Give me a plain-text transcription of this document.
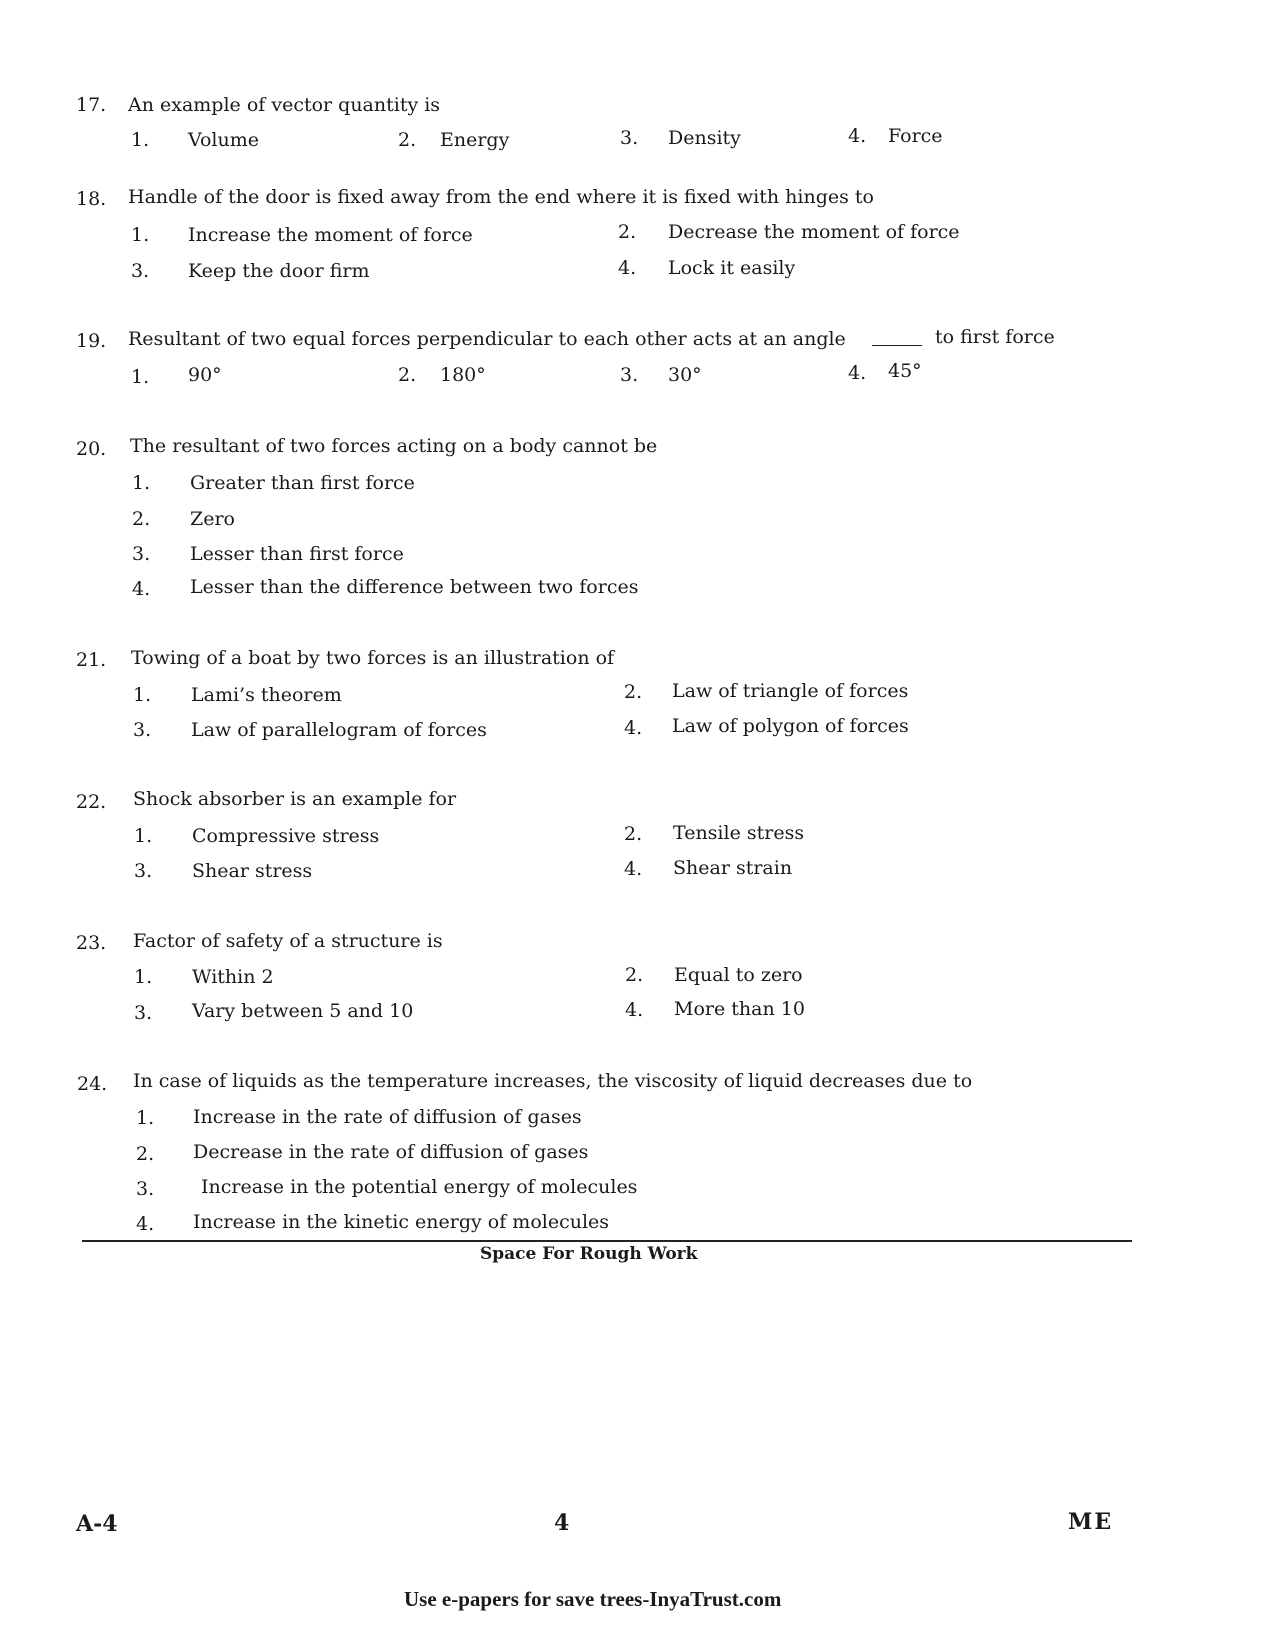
17. An example of vector quantity is
1. Volume	2. Energy	3. Density	4. Force
18. Handle of the door is fixed away from the end where it is fixed with hinges to
1. Increase the moment of force	2. Decrease the moment of force
3. Keep the door firm	4. Lock it easily
19. Resultant of two equal forces perpendicular to each other acts at an angle	to first force
1. 90°	2. 180°	3. 30°	4. 45°
20. The resultant of two forces acting on a body cannot be
1. Greater than first force
2. Zero
3. Lesser than first force
4. Lesser than the difference between two forces
21. Towing of a boat by two forces is an illustration of
1. Lami’s theorem	2. Law of triangle of forces
3. Law of parallelogram of forces	4. Law of polygon of forces
22. Shock absorber is an example for
1. Compressive stress	2. Tensile stress
3. Shear stress	4. Shear strain
23. Factor of safety of a structure is
1. Within 2	2. Equal to zero
3. Vary between 5 and 10	4. More than 10
24. In case of liquids as the temperature increases, the viscosity of liquid decreases due to
1. Increase in the rate of diffusion of gases
2. Decrease in the rate of diffusion of gases
3. Increase in the potential energy of molecules
4. Increase in the kinetic energy of molecules
Space For Rough Work
A-4	4	ME
Use e-papers for save trees-InyaTrust.com
